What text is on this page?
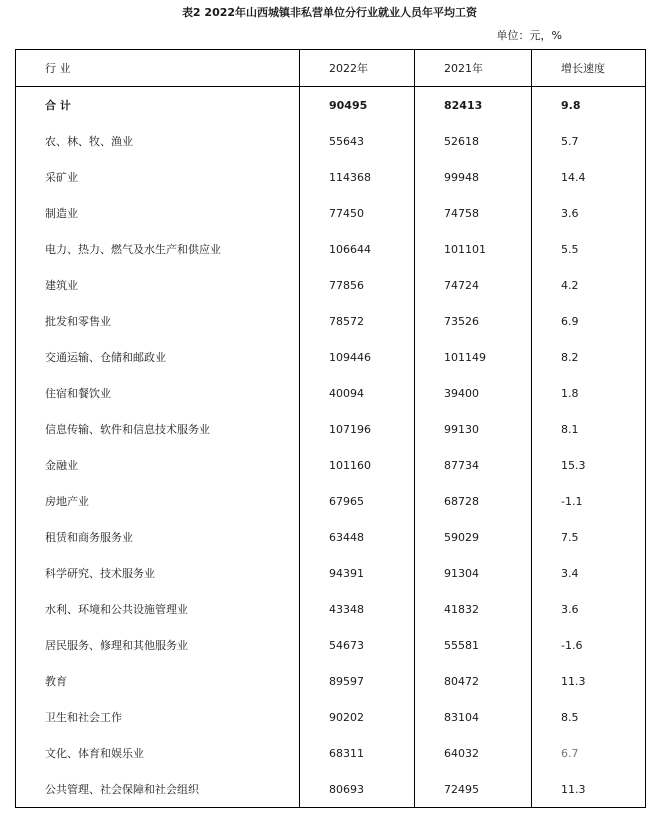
表2 2022年山西城镇非私营单位分行业就业人员年平均工资
单位：元，%
行 业	2022年	2021年	增长速度
合 计	90495	82413	9.8
农、林、牧、渔业	55643	52618	5.7
采矿业	114368	99948	14.4
制造业	77450	74758	3.6
电力、热力、燃气及水生产和供应业	106644	101101	5.5
建筑业	77856	74724	4.2
批发和零售业	78572	73526	6.9
交通运输、仓储和邮政业	109446	101149	8.2
住宿和餐饮业	40094	39400	1.8
信息传输、软件和信息技术服务业	107196	99130	8.1
金融业	101160	87734	15.3
房地产业	67965	68728	-1.1
租赁和商务服务业	63448	59029	7.5
科学研究、技术服务业	94391	91304	3.4
水利、环境和公共设施管理业	43348	41832	3.6
居民服务、修理和其他服务业	54673	55581	-1.6
教育	89597	80472	11.3
卫生和社会工作	90202	83104	8.5
文化、体育和娱乐业	68311	64032	6.7
公共管理、社会保障和社会组织	80693	72495	11.3
